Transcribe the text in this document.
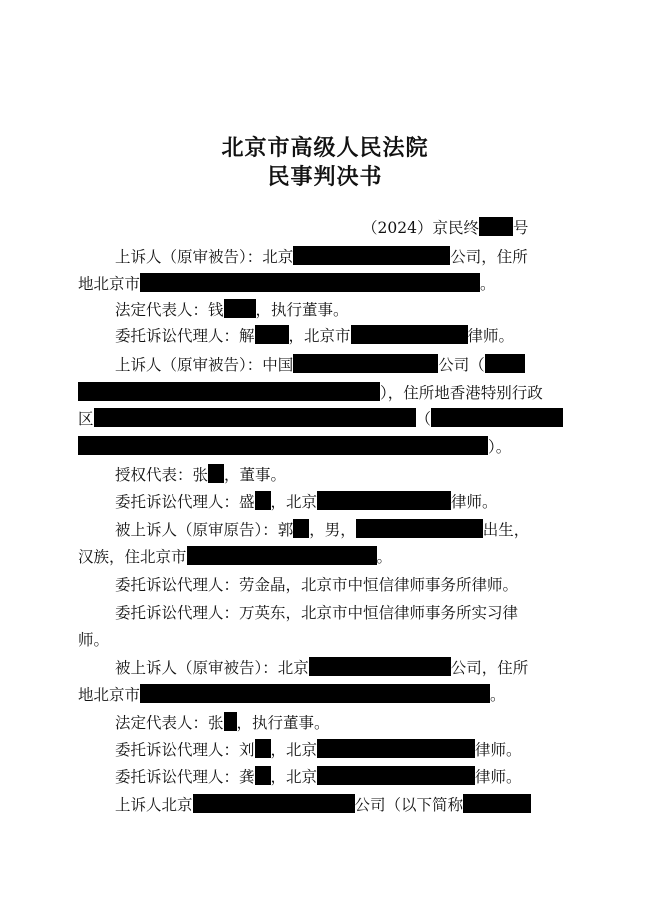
北京市高级人民法院
民事判决书
（2024）京民终 号
上诉人（原审被告）：北京	公司，住所
地北京市	。
法定代表人：钱 ，执行董事。
委托诉讼代理人：解 ，北京市	律师。
上诉人（原审被告）：中国	公司（
），住所地香港特别行政
区	（
）。
授权代表：张 ，董事。
委托诉讼代理人：盛 ，北京	律师。
被上诉人（原审原告）：郭 ，男，	出生，
汉族，住北京市	。
委托诉讼代理人：劳金晶，北京市中恒信律师事务所律师。
委托诉讼代理人：万英东，北京市中恒信律师事务所实习律
师。
被上诉人（原审被告）：北京	公司，住所
地北京市	。
法定代表人：张 ，执行董事。
委托诉讼代理人：刘 ，北京	律师。
委托诉讼代理人：龚 ，北京	律师。
上诉人北京	公司（以下简称
